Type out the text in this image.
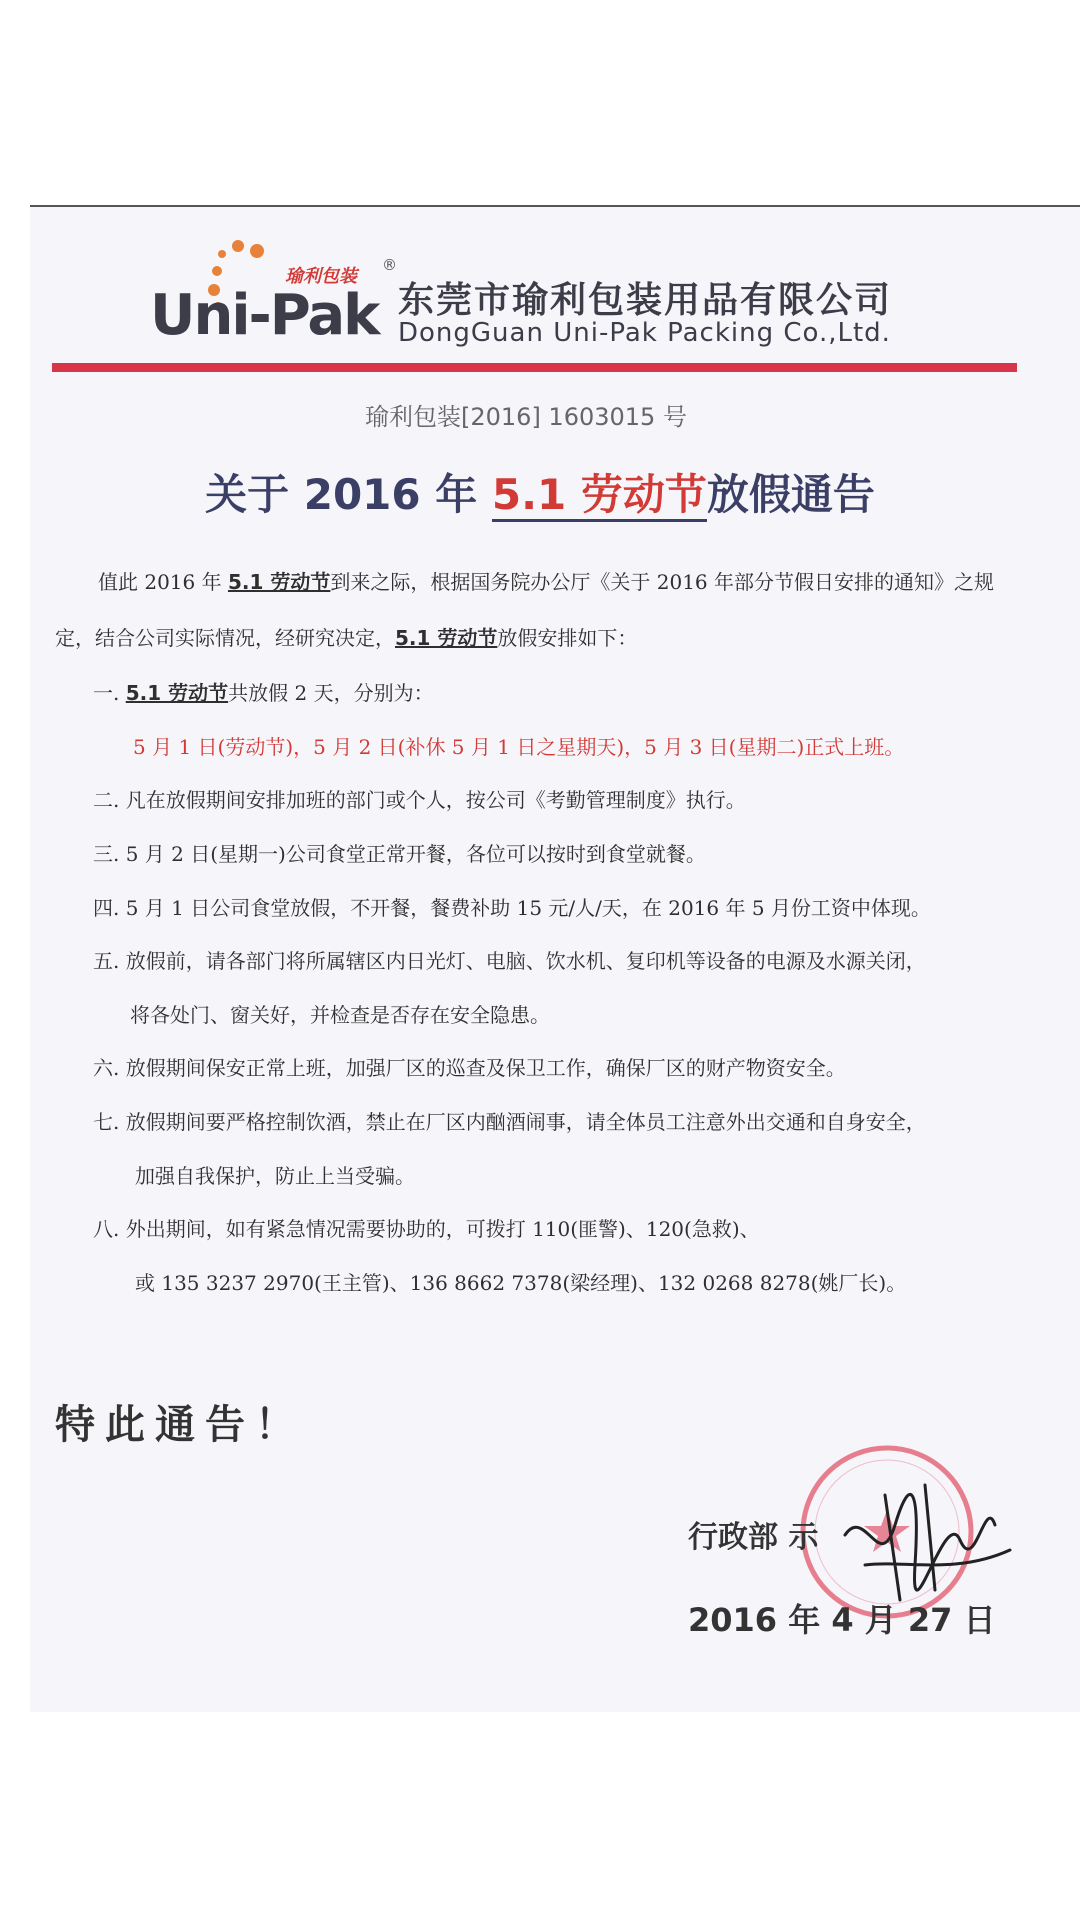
瑜利包装
®
Uni-Pak 东莞市瑜利包装用品有限公司
DongGuan Uni-Pak Packing Co.,Ltd.
瑜利包装[2016] 1603015 号
关于 2016 年 5.1 劳动节放假通告
值此 2016 年 5.1 劳动节到来之际，根据国务院办公厅《关于 2016 年部分节假日安排的通知》之规
定，结合公司实际情况，经研究决定，5.1 劳动节放假安排如下：
一. 5.1 劳动节共放假 2 天，分别为：
5 月 1 日(劳动节)，5 月 2 日(补休 5 月 1 日之星期天)，5 月 3 日(星期二)正式上班。
二. 凡在放假期间安排加班的部门或个人，按公司《考勤管理制度》执行。
三. 5 月 2 日(星期一)公司食堂正常开餐，各位可以按时到食堂就餐。
四. 5 月 1 日公司食堂放假，不开餐，餐费补助 15 元/人/天，在 2016 年 5 月份工资中体现。
五. 放假前，请各部门将所属辖区内日光灯、电脑、饮水机、复印机等设备的电源及水源关闭，
将各处门、窗关好，并检查是否存在安全隐患。
六. 放假期间保安正常上班，加强厂区的巡查及保卫工作，确保厂区的财产物资安全。
七. 放假期间要严格控制饮酒，禁止在厂区内酗酒闹事，请全体员工注意外出交通和自身安全，
加强自我保护，防止上当受骗。
八. 外出期间，如有紧急情况需要协助的，可拨打 110(匪警)、120(急救)、
或 135 3237 2970(王主管)、136 8662 7378(梁经理)、132 0268 8278(姚厂长)。
特此通告！
行政部 示
2016 年 4 月 27 日
